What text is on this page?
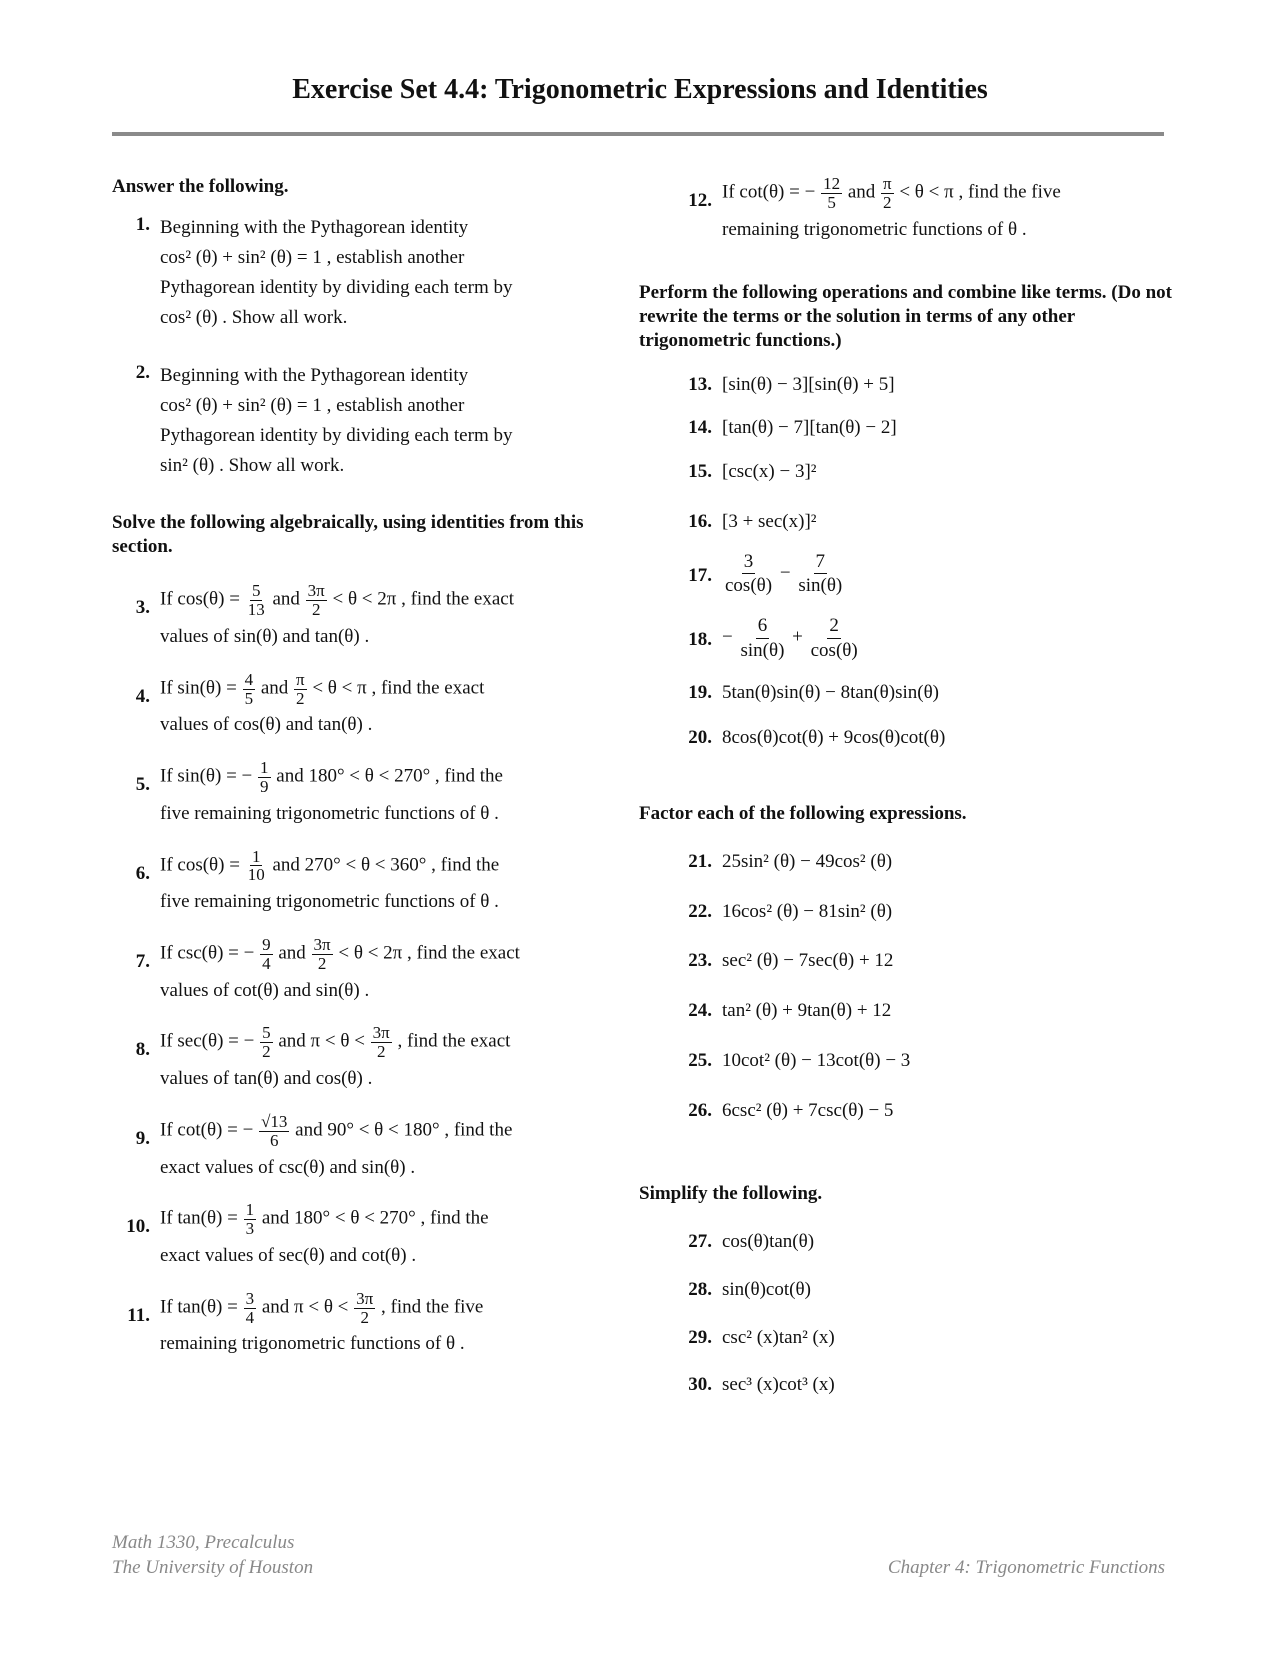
Exercise Set 4.4: Trigonometric Expressions and Identities
Answer the following.
1. Beginning with the Pythagorean identity
cos² (θ) + sin² (θ) = 1 , establish another
Pythagorean identity by dividing each term by
cos² (θ) . Show all work.
2. Beginning with the Pythagorean identity
cos² (θ) + sin² (θ) = 1 , establish another
Pythagorean identity by dividing each term by
sin² (θ) . Show all work.
Solve the following algebraically, using identities from this section.
3. If $\cos(\theta) = \frac{5}{13}$ and $\frac{3\pi}{2} < \theta < 2\pi$ , find the exact
values of sin(θ) and tan(θ) .
4. If $\sin(\theta) = \frac{4}{5}$ and $\frac{\pi}{2} < \theta < \pi$ , find the exact
values of cos(θ) and tan(θ) .
5. If sin(θ) = − $\frac{1}{9}$ and 180° < θ < 270° , find the
five remaining trigonometric functions of θ .
6. If $\cos(\theta) = \frac{1}{10}$ and 270° < θ < 360° , find the
five remaining trigonometric functions of θ .
7. If csc(θ) = − $\frac{9}{4}$ and $\frac{3\pi}{2} < \theta < 2\pi$ , find the exact
values of cot(θ) and sin(θ) .
8. If sec(θ) = − $\frac{5}{2}$ and $\pi < \theta < \frac{3\pi}{2}$ , find the exact
values of tan(θ) and cos(θ) .
9. If cot(θ) = − $\frac{√13}{6}$ and 90° < θ < 180° , find the
exact values of csc(θ) and sin(θ) .
10. If $\tan(\theta) = \frac{1}{3}$ and 180° < θ < 270° , find the
exact values of sec(θ) and cot(θ) .
11. If $\tan(\theta) = \frac{3}{4}$ and $\pi < \theta < \frac{3\pi}{2}$ , find the five
remaining trigonometric functions of θ .
12. If cot(θ) = − $\frac{12}{5}$ and $\frac{\pi}{2} < \theta < \pi$ , find the five
remaining trigonometric functions of θ .
Perform the following operations and combine like terms. (Do not rewrite the terms or the solution in terms of any other trigonometric functions.)
13. [sin(θ) − 3][sin(θ) + 5]
14. [tan(θ) − 7][tan(θ) − 2]
15. [csc(x) − 3]²
16. [3 + sec(x)]²
17. $\frac{3}{\cos(\theta)} - \frac{7}{\sin(\theta)}$
18. − $\frac{6}{\sin(\theta)} + \frac{2}{\cos(\theta)}$
19. 5tan(θ)sin(θ) − 8tan(θ)sin(θ)
20. 8cos(θ)cot(θ) + 9cos(θ)cot(θ)
Factor each of the following expressions.
21. 25sin² (θ) − 49cos² (θ)
22. 16cos² (θ) − 81sin² (θ)
23. sec² (θ) − 7sec(θ) + 12
24. tan² (θ) + 9tan(θ) + 12
25. 10cot² (θ) − 13cot(θ) − 3
26. 6csc² (θ) + 7csc(θ) − 5
Simplify the following.
27. cos(θ)tan(θ)
28. sin(θ)cot(θ)
29. csc² (x)tan² (x)
30. sec³ (x)cot³ (x)
Math 1330, Precalculus
The University of Houston	Chapter 4: Trigonometric Functions
